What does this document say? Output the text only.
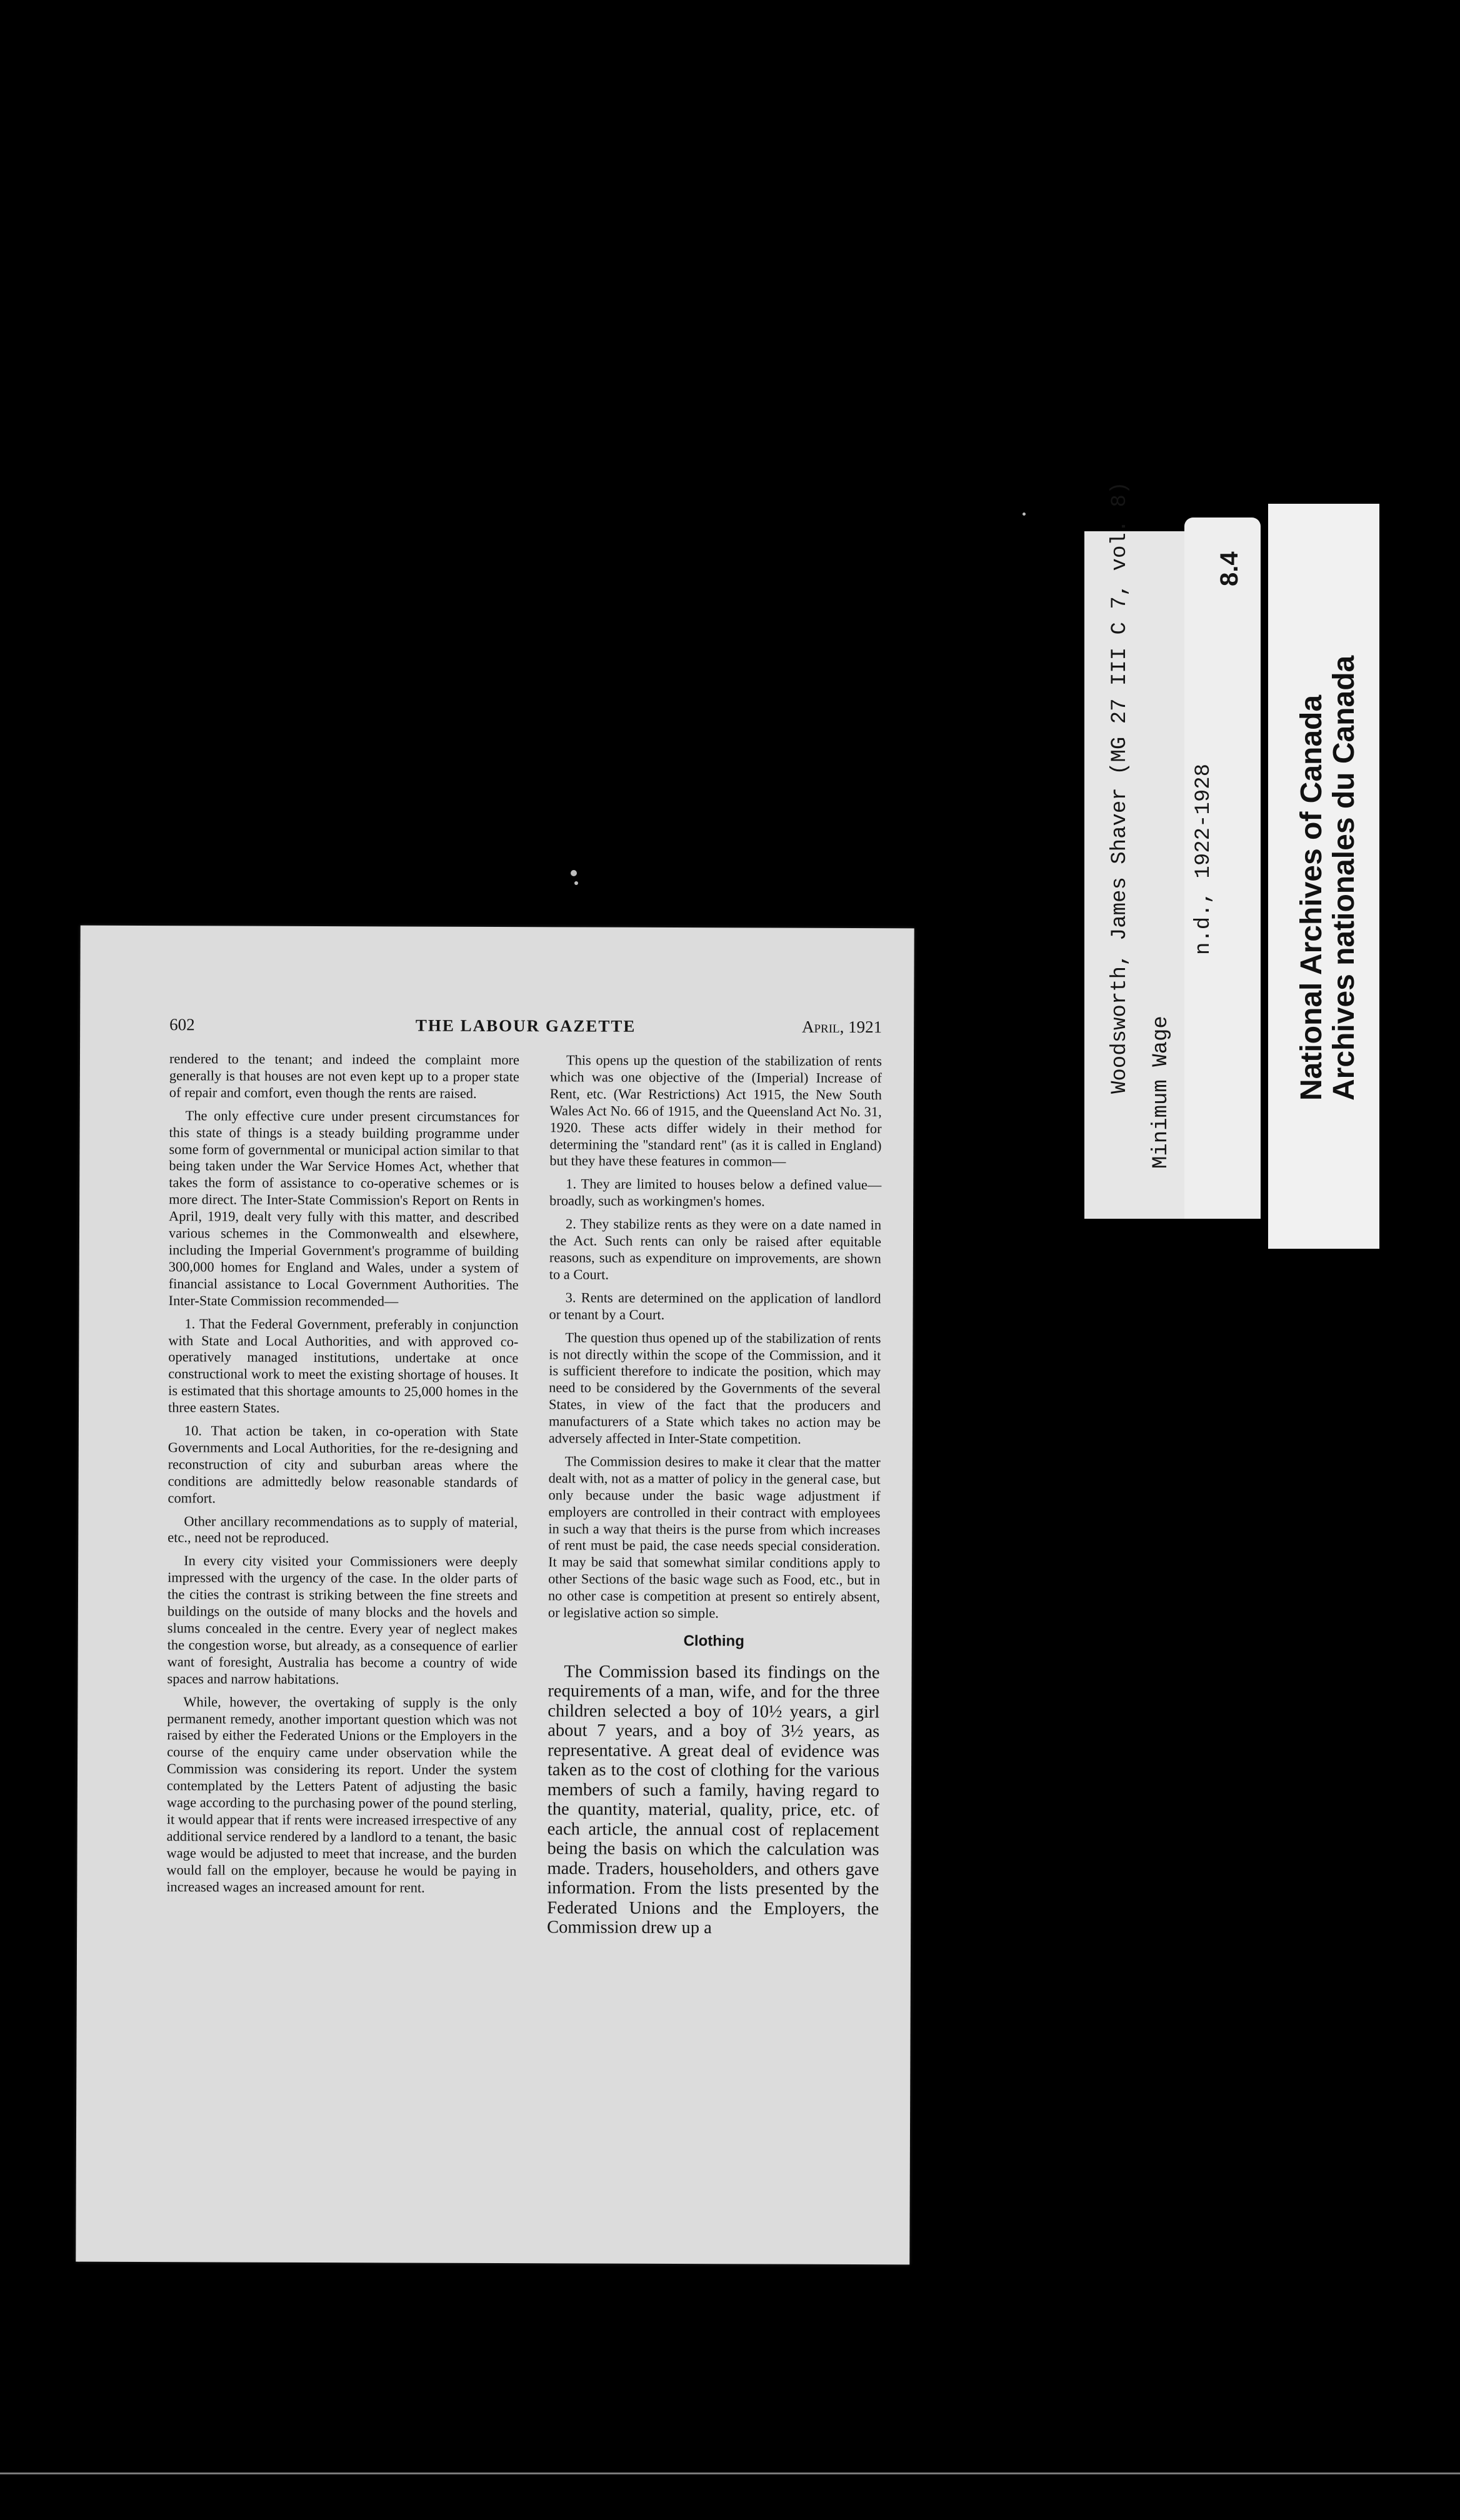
602	THE LABOUR GAZETTE	April, 1921

rendered to the tenant; and indeed the complaint more generally is that houses are not even kept up to a proper state of repair and comfort, even though the rents are raised.

The only effective cure under present circumstances for this state of things is a steady building programme under some form of governmental or municipal action similar to that being taken under the War Service Homes Act, whether that takes the form of assistance to co-operative schemes or is more direct. The Inter-State Commission's Report on Rents in April, 1919, dealt very fully with this matter, and described various schemes in the Commonwealth and elsewhere, including the Imperial Government's programme of building 300,000 homes for England and Wales, under a system of financial assistance to Local Government Authorities. The Inter-State Commission recommended—

1. That the Federal Government, preferably in conjunction with State and Local Authorities, and with approved co-operatively managed institutions, undertake at once constructional work to meet the existing shortage of houses. It is estimated that this shortage amounts to 25,000 homes in the three eastern States.

10. That action be taken, in co-operation with State Governments and Local Authorities, for the re-designing and reconstruction of city and suburban areas where the conditions are admittedly below reasonable standards of comfort.

Other ancillary recommendations as to supply of material, etc., need not be reproduced.

In every city visited your Commissioners were deeply impressed with the urgency of the case. In the older parts of the cities the contrast is striking between the fine streets and buildings on the outside of many blocks and the hovels and slums concealed in the centre. Every year of neglect makes the congestion worse, but already, as a consequence of earlier want of foresight, Australia has become a country of wide spaces and narrow habitations.

While, however, the overtaking of supply is the only permanent remedy, another important question which was not raised by either the Federated Unions or the Employers in the course of the enquiry came under observation while the Commission was considering its report. Under the system contemplated by the Letters Patent of adjusting the basic wage according to the purchasing power of the pound sterling, it would appear that if rents were increased irrespective of any additional service rendered by a landlord to a tenant, the basic wage would be adjusted to meet that increase, and the burden would fall on the employer, because he would be paying in increased wages an increased amount for rent.

This opens up the question of the stabilization of rents which was one objective of the (Imperial) Increase of Rent, etc. (War Restrictions) Act 1915, the New South Wales Act No. 66 of 1915, and the Queensland Act No. 31, 1920. These acts differ widely in their method for determining the ''standard rent'' (as it is called in England) but they have these features in common—

1. They are limited to houses below a defined value—broadly, such as workingmen's homes.

2. They stabilize rents as they were on a date named in the Act. Such rents can only be raised after equitable reasons, such as expenditure on improvements, are shown to a Court.

3. Rents are determined on the application of landlord or tenant by a Court.

The question thus opened up of the stabilization of rents is not directly within the scope of the Commission, and it is sufficient therefore to indicate the position, which may need to be considered by the Governments of the several States, in view of the fact that the producers and manufacturers of a State which takes no action may be adversely affected in Inter-State competition.

The Commission desires to make it clear that the matter dealt with, not as a matter of policy in the general case, but only because under the basic wage adjustment if employers are controlled in their contract with employees in such a way that theirs is the purse from which increases of rent must be paid, the case needs special consideration. It may be said that somewhat similar conditions apply to other Sections of the basic wage such as Food, etc., but in no other case is competition at present so entirely absent, or legislative action so simple.

Clothing

The Commission based its findings on the requirements of a man, wife, and for the three children selected a boy of 10½ years, a girl about 7 years, and a boy of 3½ years, as representative. A great deal of evidence was taken as to the cost of clothing for the various members of such a family, having regard to the quantity, material, quality, price, etc. of each article, the annual cost of replacement being the basis on which the calculation was made. Traders, householders, and others gave information. From the lists presented by the Federated Unions and the Employers, the Commission drew up a

Woodsworth, James Shaver (MG 27 III C 7, vol. 8) Minimum Wage
n.d., 1922-1928
8.4
National Archives of Canada Archives nationales du Canada
